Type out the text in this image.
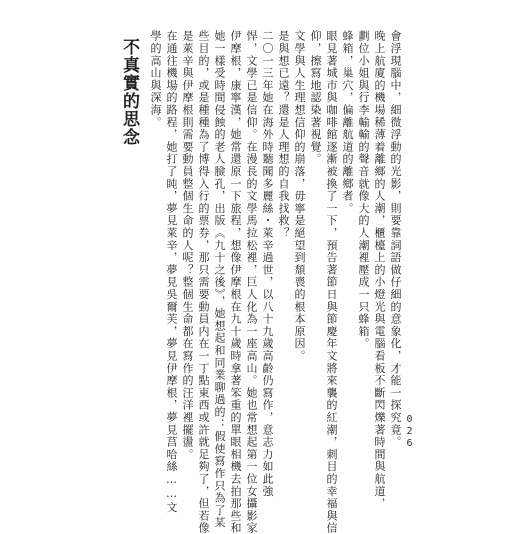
會浮現腦中，細微浮動的光影，則要靠詞語做仔細的意象化，才能一探究竟。
晚上航廈的機場稀薄着離鄉的人潮，櫃檯上的小燈光與電腦看板不斷閃爍著時間與航道，
劃位小姐與行李輸輸的聲音就像大的人潮裡壓成一只蜂箱。
蜂箱，巢穴，偏離航道的離鄉者。
眼見著城市與咖啡館逐漸被換了一下，預告著節日與節慶年文將來襲的紅潮，刺目的幸福與信
仰，擦寫地認染著視覺。
文學與人生理想信仰的崩落，毋寧是絕望到頹喪的根本原因。
是與想已遠？還是人理想的自我找救？
二〇一三年她在海外時聽聞多麗絲・萊辛過世，以八十九歲高齡仍寫作，意志力如此強
悍，文學已是信仰。在漫長的文學馬拉松裡，巨人化為一座高山。她也常想起第一位女攝影家
伊摩根，康寧漢，她常還原一下旅程，想像伊摩根在九十歲時拿著笨重的單眼相機去拍那些和
她一樣受時間侵蝕的老人臉孔，出版《九十之後》，她想起和同業聊過的：假使寫作只為了某
些目的，或是種種為了博得入行的票券，那只需要動員内在一丁點東西或許就足夠了，但若像
是萊辛與伊摩根則需要動員整個生命的人呢？整個生命都在寫作的汪洋裡擺盪。
在通往機場的路程，她打了盹，夢見萊辛，夢見吳爾芙，夢見伊摩根，夢見莒哈絲……文
學的高山與深海。
不真實的思念
026
